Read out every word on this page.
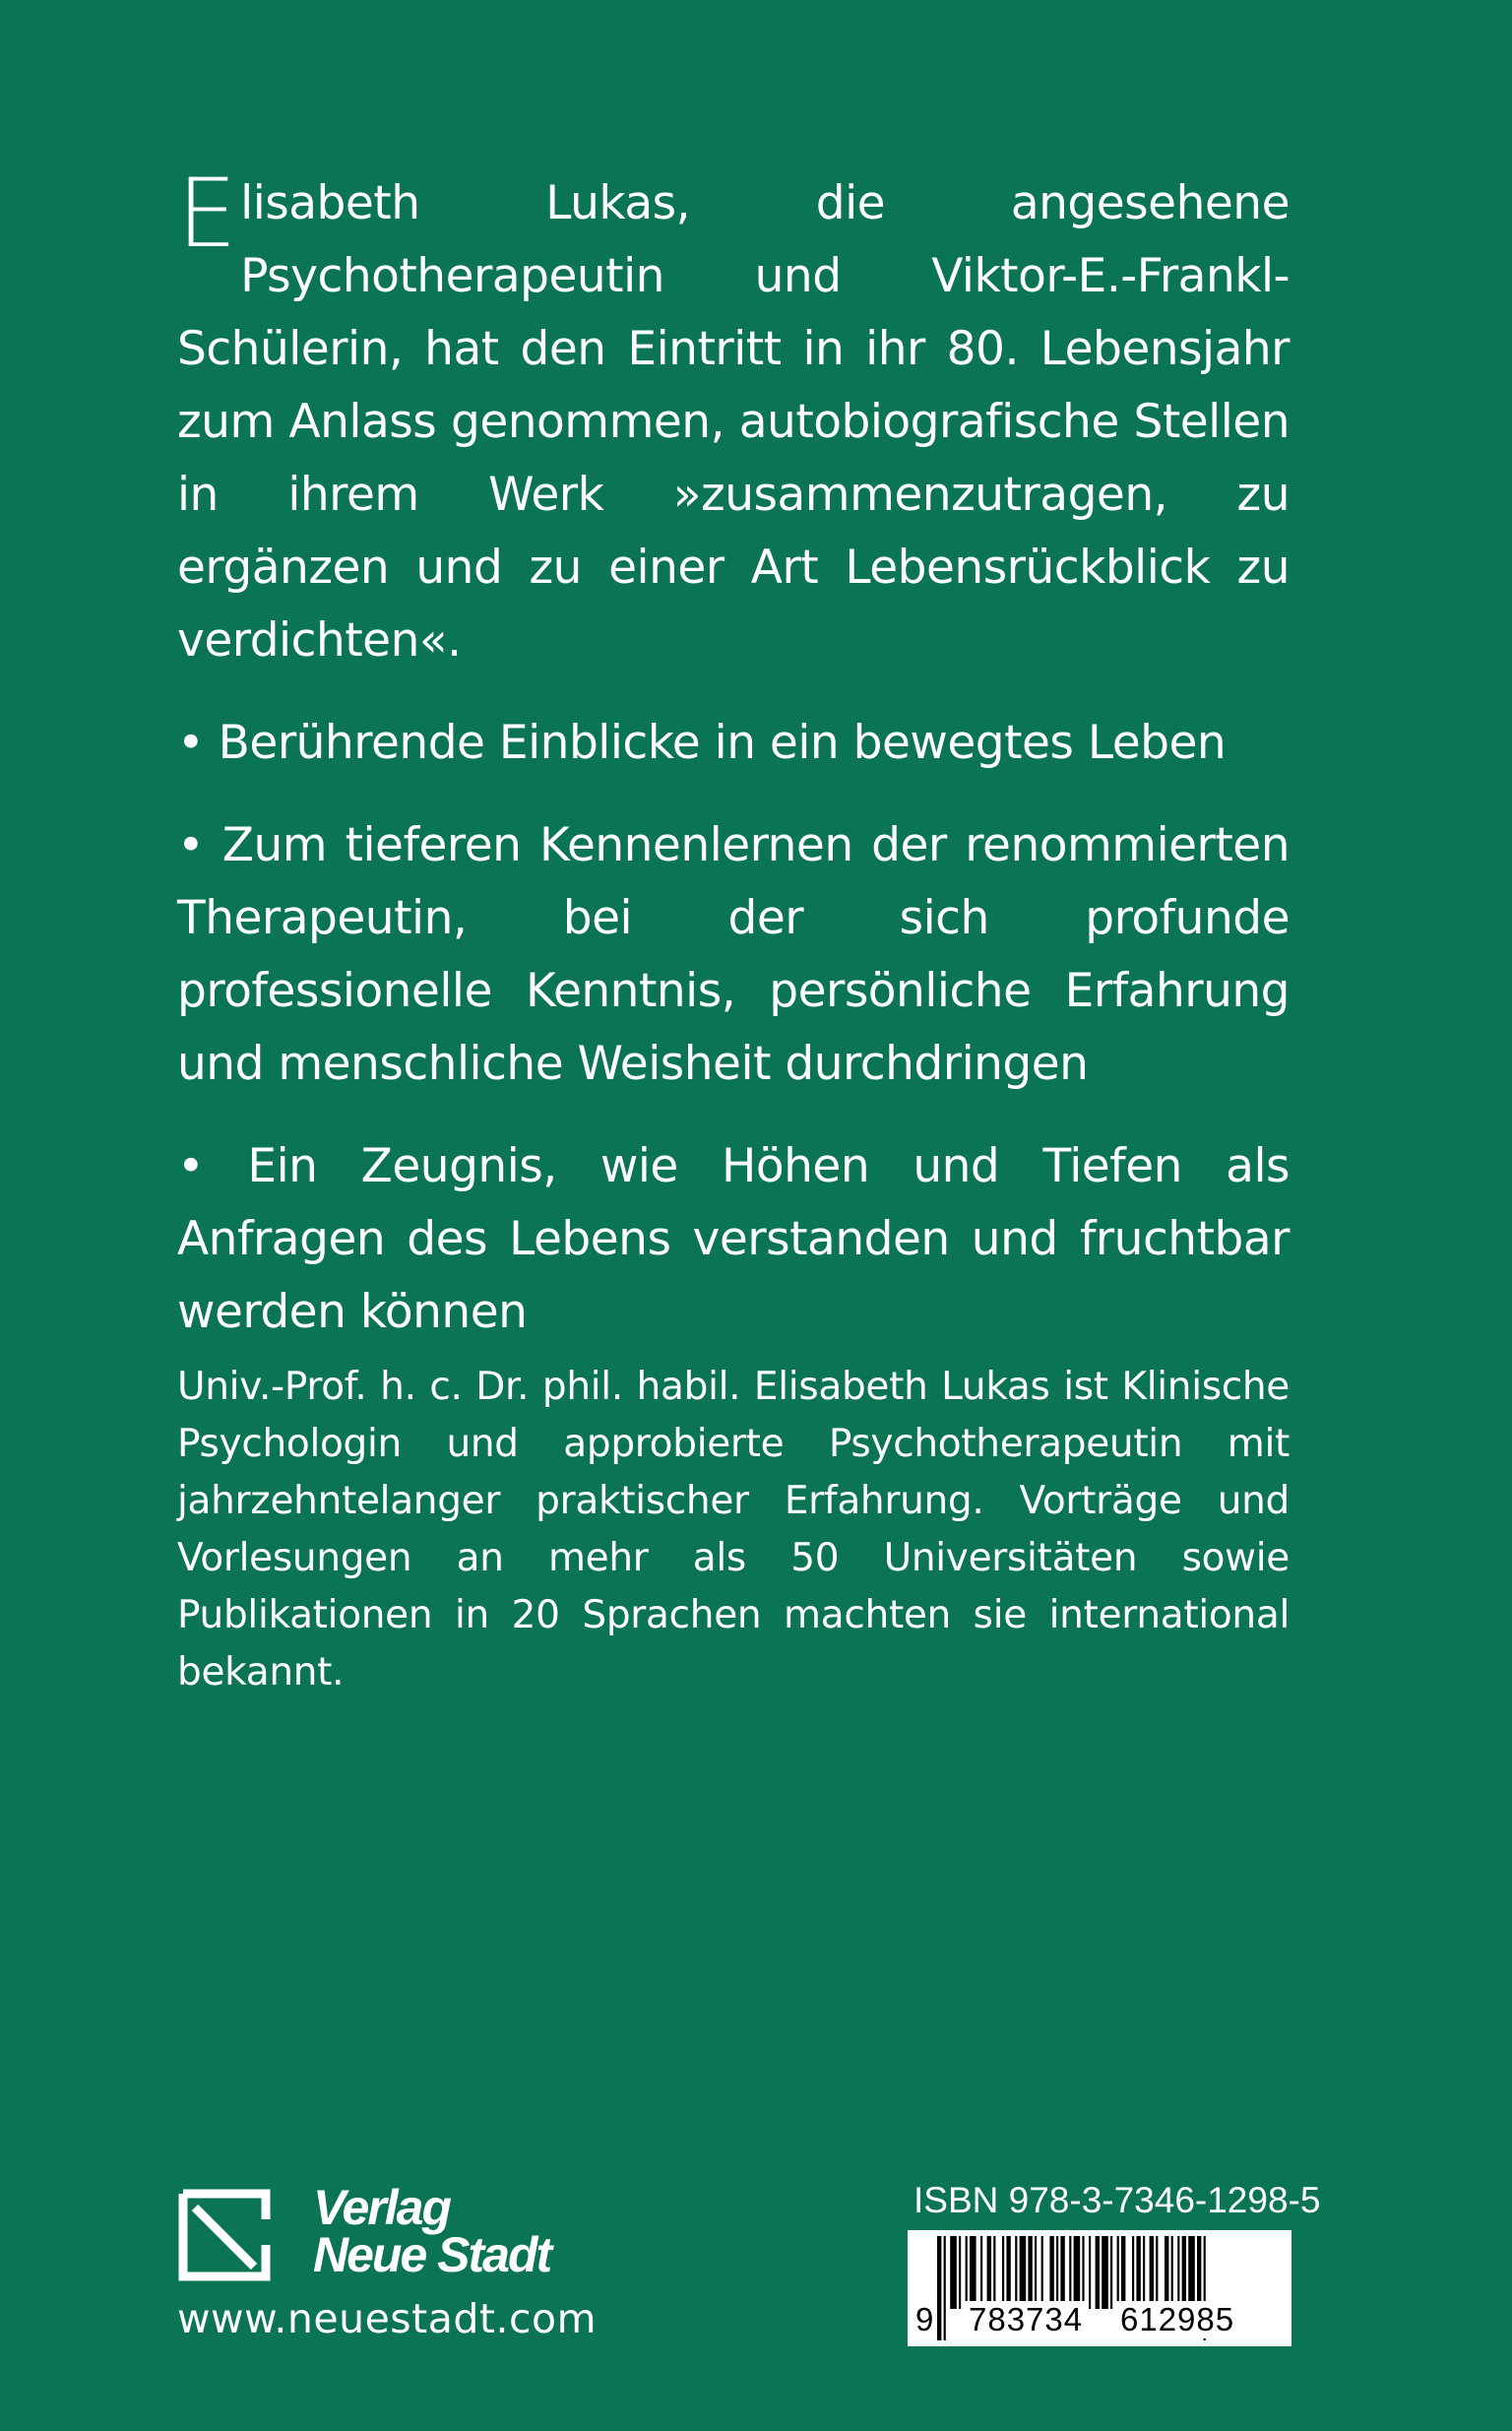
Elisabeth Lukas, die angesehene Psychotherapeutin und Viktor-E.-Frankl-Schülerin, hat den Eintritt in ihr 80. Lebensjahr zum Anlass genommen, autobiografische Stellen in ihrem Werk »zusammenzutragen, zu ergänzen und zu einer Art Lebensrückblick zu verdichten«.

• Berührende Einblicke in ein bewegtes Leben

• Zum tieferen Kennenlernen der renommierten Therapeutin, bei der sich profunde professionelle Kenntnis, persönliche Erfahrung und menschliche Weisheit durchdringen

• Ein Zeugnis, wie Höhen und Tiefen als Anfragen des Lebens verstanden und fruchtbar werden können

Univ.-Prof. h. c. Dr. phil. habil. Elisabeth Lukas ist Klinische Psychologin und approbierte Psychotherapeutin mit jahrzehntelanger praktischer Erfahrung. Vorträge und Vorlesungen an mehr als 50 Universitäten sowie Publikationen in 20 Sprachen machten sie international bekannt.

Verlag
Neue Stadt
www.neuestadt.com
ISBN 978-3-7346-1298-5
9 783734 612985
